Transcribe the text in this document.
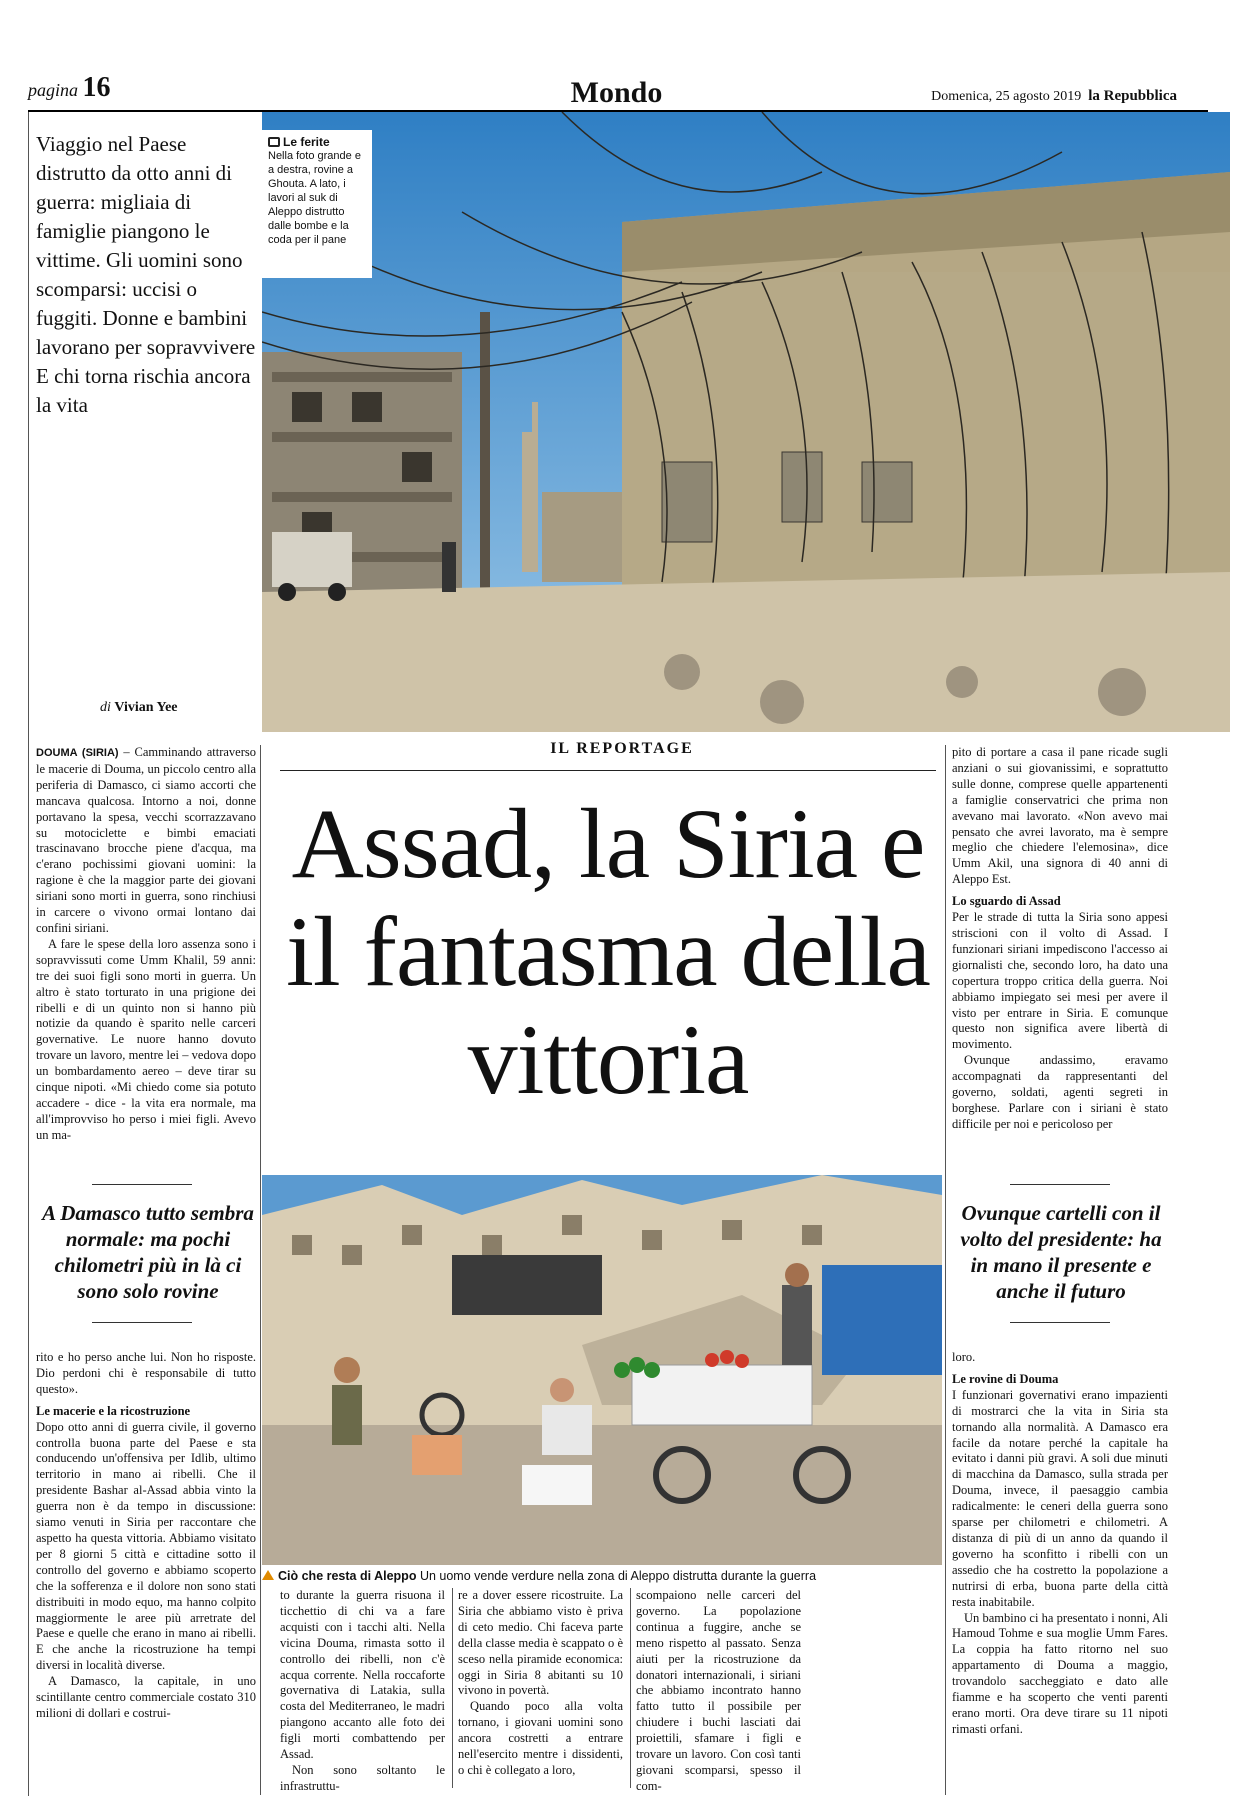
pagina 16	Mondo	Domenica, 25 agosto 2019 la Repubblica
Viaggio nel Paese distrutto da otto anni di guerra: migliaia di famiglie piangono le vittime. Gli uomini sono scomparsi: uccisi o fuggiti. Donne e bambini lavorano per sopravvivere E chi torna rischia ancora la vita
di Vivian Yee
Le ferite
Nella foto grande e a destra, rovine a Ghouta. A lato, i lavori al suk di Aleppo distrutto dalle bombe e la coda per il pane

DOUMA (SIRIA) – Camminando attraverso le macerie di Douma, un piccolo centro alla periferia di Damasco, ci siamo accorti che mancava qualcosa. Intorno a noi, donne portavano la spesa, vecchi scorrazzavano su motociclette e bimbi emaciati trascinavano brocche piene d'acqua, ma c'erano pochissimi giovani uomini: la ragione è che la maggior parte dei giovani siriani sono morti in guerra, sono rinchiusi in carcere o vivono ormai lontano dai confini siriani.

A fare le spese della loro assenza sono i sopravvissuti come Umm Khalil, 59 anni: tre dei suoi figli sono morti in guerra. Un altro è stato torturato in una prigione dei ribelli e di un quinto non si hanno più notizie da quando è sparito nelle carceri governative. Le nuore hanno dovuto trovare un lavoro, mentre lei – vedova dopo un bombardamento aereo – deve tirar su cinque nipoti. «Mi chiedo come sia potuto accadere - dice - la vita era normale, ma all'improvviso ho perso i miei figli. Avevo un ma-

A Damasco tutto sembra normale: ma pochi chilometri più in là ci sono solo rovine

rito e ho perso anche lui. Non ho risposte. Dio perdoni chi è responsabile di tutto questo».

Le macerie e la ricostruzione

Dopo otto anni di guerra civile, il governo controlla buona parte del Paese e sta conducendo un'offensiva per Idlib, ultimo territorio in mano ai ribelli. Che il presidente Bashar al-Assad abbia vinto la guerra non è da tempo in discussione: siamo venuti in Siria per raccontare che aspetto ha questa vittoria. Abbiamo visitato per 8 giorni 5 città e cittadine sotto il controllo del governo e abbiamo scoperto che la sofferenza e il dolore non sono stati distribuiti in modo equo, ma hanno colpito maggiormente le aree più arretrate del Paese e quelle che erano in mano ai ribelli. E che anche la ricostruzione ha tempi diversi in località diverse.

A Damasco, la capitale, in uno scintillante centro commerciale costato 310 milioni di dollari e costrui-

IL REPORTAGE
Assad, la Siria e il fantasma della vittoria
Ciò che resta di Aleppo Un uomo vende verdure nella zona di Aleppo distrutta durante la guerra

to durante la guerra risuona il ticchettio di chi va a fare acquisti con i tacchi alti. Nella vicina Douma, rimasta sotto il controllo dei ribelli, non c'è acqua corrente. Nella roccaforte governativa di Latakia, sulla costa del Mediterraneo, le madri piangono accanto alle foto dei figli morti combattendo per Assad.

Non sono soltanto le infrastruttu-

re a dover essere ricostruite. La Siria che abbiamo visto è priva di ceto medio. Chi faceva parte della classe media è scappato o è sceso nella piramide economica: oggi in Siria 8 abitanti su 10 vivono in povertà.

Quando poco alla volta tornano, i giovani uomini sono ancora costretti a entrare nell'esercito mentre i dissidenti, o chi è collegato a loro,

scompaiono nelle carceri del governo. La popolazione continua a fuggire, anche se meno rispetto al passato. Senza aiuti per la ricostruzione da donatori internazionali, i siriani che abbiamo incontrato hanno fatto tutto il possibile per chiudere i buchi lasciati dai proiettili, sfamare i figli e trovare un lavoro. Con così tanti giovani scomparsi, spesso il com-

pito di portare a casa il pane ricade sugli anziani o sui giovanissimi, e soprattutto sulle donne, comprese quelle appartenenti a famiglie conservatrici che prima non avevano mai lavorato. «Non avevo mai pensato che avrei lavorato, ma è sempre meglio che chiedere l'elemosina», dice Umm Akil, una signora di 40 anni di Aleppo Est.

Lo sguardo di Assad

Per le strade di tutta la Siria sono appesi striscioni con il volto di Assad. I funzionari siriani impediscono l'accesso ai giornalisti che, secondo loro, ha dato una copertura troppo critica della guerra. Noi abbiamo impiegato sei mesi per avere il visto per entrare in Siria. E comunque questo non significa avere libertà di movimento.

Ovunque andassimo, eravamo accompagnati da rappresentanti del governo, soldati, agenti segreti in borghese. Parlare con i siriani è stato difficile per noi e pericoloso per

Ovunque cartelli con il volto del presidente: ha in mano il presente e anche il futuro

loro.

Le rovine di Douma

I funzionari governativi erano impazienti di mostrarci che la vita in Siria sta tornando alla normalità. A Damasco era facile da notare perché la capitale ha evitato i danni più gravi. A soli due minuti di macchina da Damasco, sulla strada per Douma, invece, il paesaggio cambia radicalmente: le ceneri della guerra sono sparse per chilometri e chilometri. A distanza di più di un anno da quando il governo ha sconfitto i ribelli con un assedio che ha costretto la popolazione a nutrirsi di erba, buona parte della città resta inabitabile.

Un bambino ci ha presentato i nonni, Ali Hamoud Tohme e sua moglie Umm Fares. La coppia ha fatto ritorno nel suo appartamento di Douma a maggio, trovandolo saccheggiato e dato alle fiamme e ha scoperto che venti parenti erano morti. Ora deve tirare su 11 nipoti rimasti orfani.
